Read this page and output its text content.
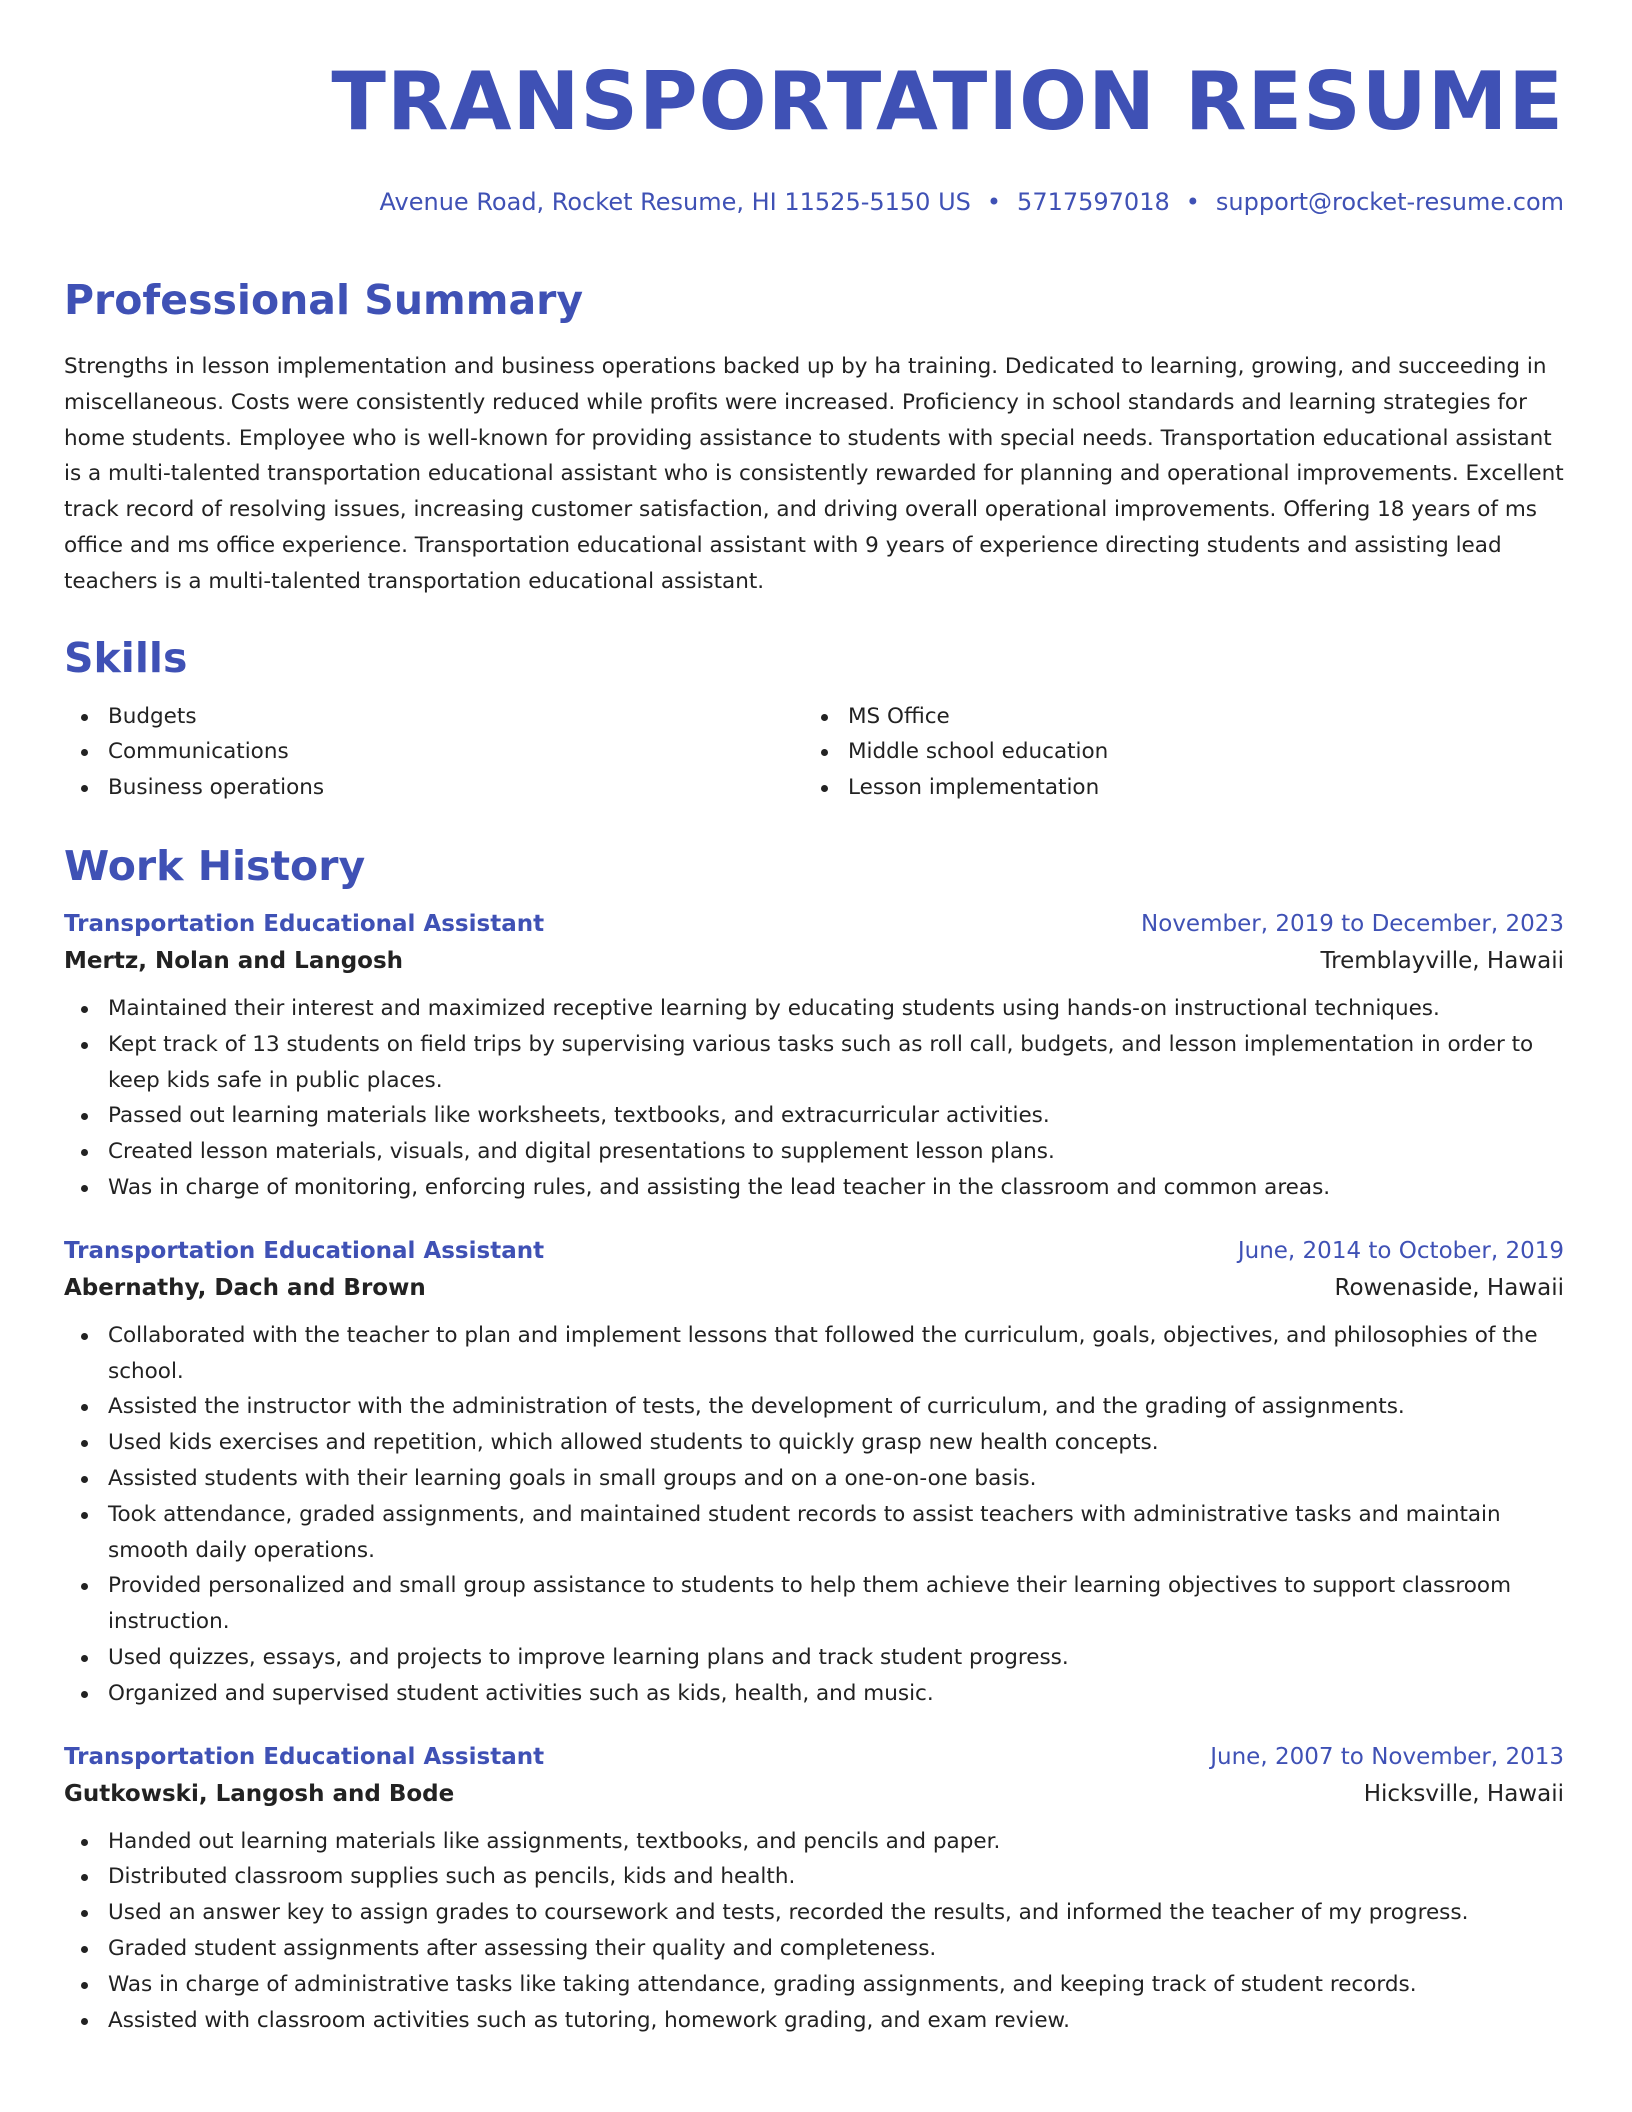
TRANSPORTATION RESUME
Avenue Road, Rocket Resume, HI 11525-5150 US • 5717597018 • support@rocket-resume.com
Professional Summary
Strengths in lesson implementation and business operations backed up by ha training. Dedicated to learning, growing, and succeeding in miscellaneous. Costs were consistently reduced while profits were increased. Proficiency in school standards and learning strategies for home students. Employee who is well-known for providing assistance to students with special needs. Transportation educational assistant is a multi-talented transportation educational assistant who is consistently rewarded for planning and operational improvements. Excellent track record of resolving issues, increasing customer satisfaction, and driving overall operational improvements. Offering 18 years of ms office and ms office experience. Transportation educational assistant with 9 years of experience directing students and assisting lead teachers is a multi-talented transportation educational assistant.
Skills
Budgets
Communications
Business operations
MS Office
Middle school education
Lesson implementation
Work History
Transportation Educational Assistant	November, 2019 to December, 2023
Mertz, Nolan and Langosh	Tremblayville, Hawaii
Maintained their interest and maximized receptive learning by educating students using hands-on instructional techniques.
Kept track of 13 students on field trips by supervising various tasks such as roll call, budgets, and lesson implementation in order to keep kids safe in public places.
Passed out learning materials like worksheets, textbooks, and extracurricular activities.
Created lesson materials, visuals, and digital presentations to supplement lesson plans.
Was in charge of monitoring, enforcing rules, and assisting the lead teacher in the classroom and common areas.
Transportation Educational Assistant	June, 2014 to October, 2019
Abernathy, Dach and Brown	Rowenaside, Hawaii
Collaborated with the teacher to plan and implement lessons that followed the curriculum, goals, objectives, and philosophies of the school.
Assisted the instructor with the administration of tests, the development of curriculum, and the grading of assignments.
Used kids exercises and repetition, which allowed students to quickly grasp new health concepts.
Assisted students with their learning goals in small groups and on a one-on-one basis.
Took attendance, graded assignments, and maintained student records to assist teachers with administrative tasks and maintain smooth daily operations.
Provided personalized and small group assistance to students to help them achieve their learning objectives to support classroom instruction.
Used quizzes, essays, and projects to improve learning plans and track student progress.
Organized and supervised student activities such as kids, health, and music.
Transportation Educational Assistant	June, 2007 to November, 2013
Gutkowski, Langosh and Bode	Hicksville, Hawaii
Handed out learning materials like assignments, textbooks, and pencils and paper.
Distributed classroom supplies such as pencils, kids and health.
Used an answer key to assign grades to coursework and tests, recorded the results, and informed the teacher of my progress.
Graded student assignments after assessing their quality and completeness.
Was in charge of administrative tasks like taking attendance, grading assignments, and keeping track of student records.
Assisted with classroom activities such as tutoring, homework grading, and exam review.
